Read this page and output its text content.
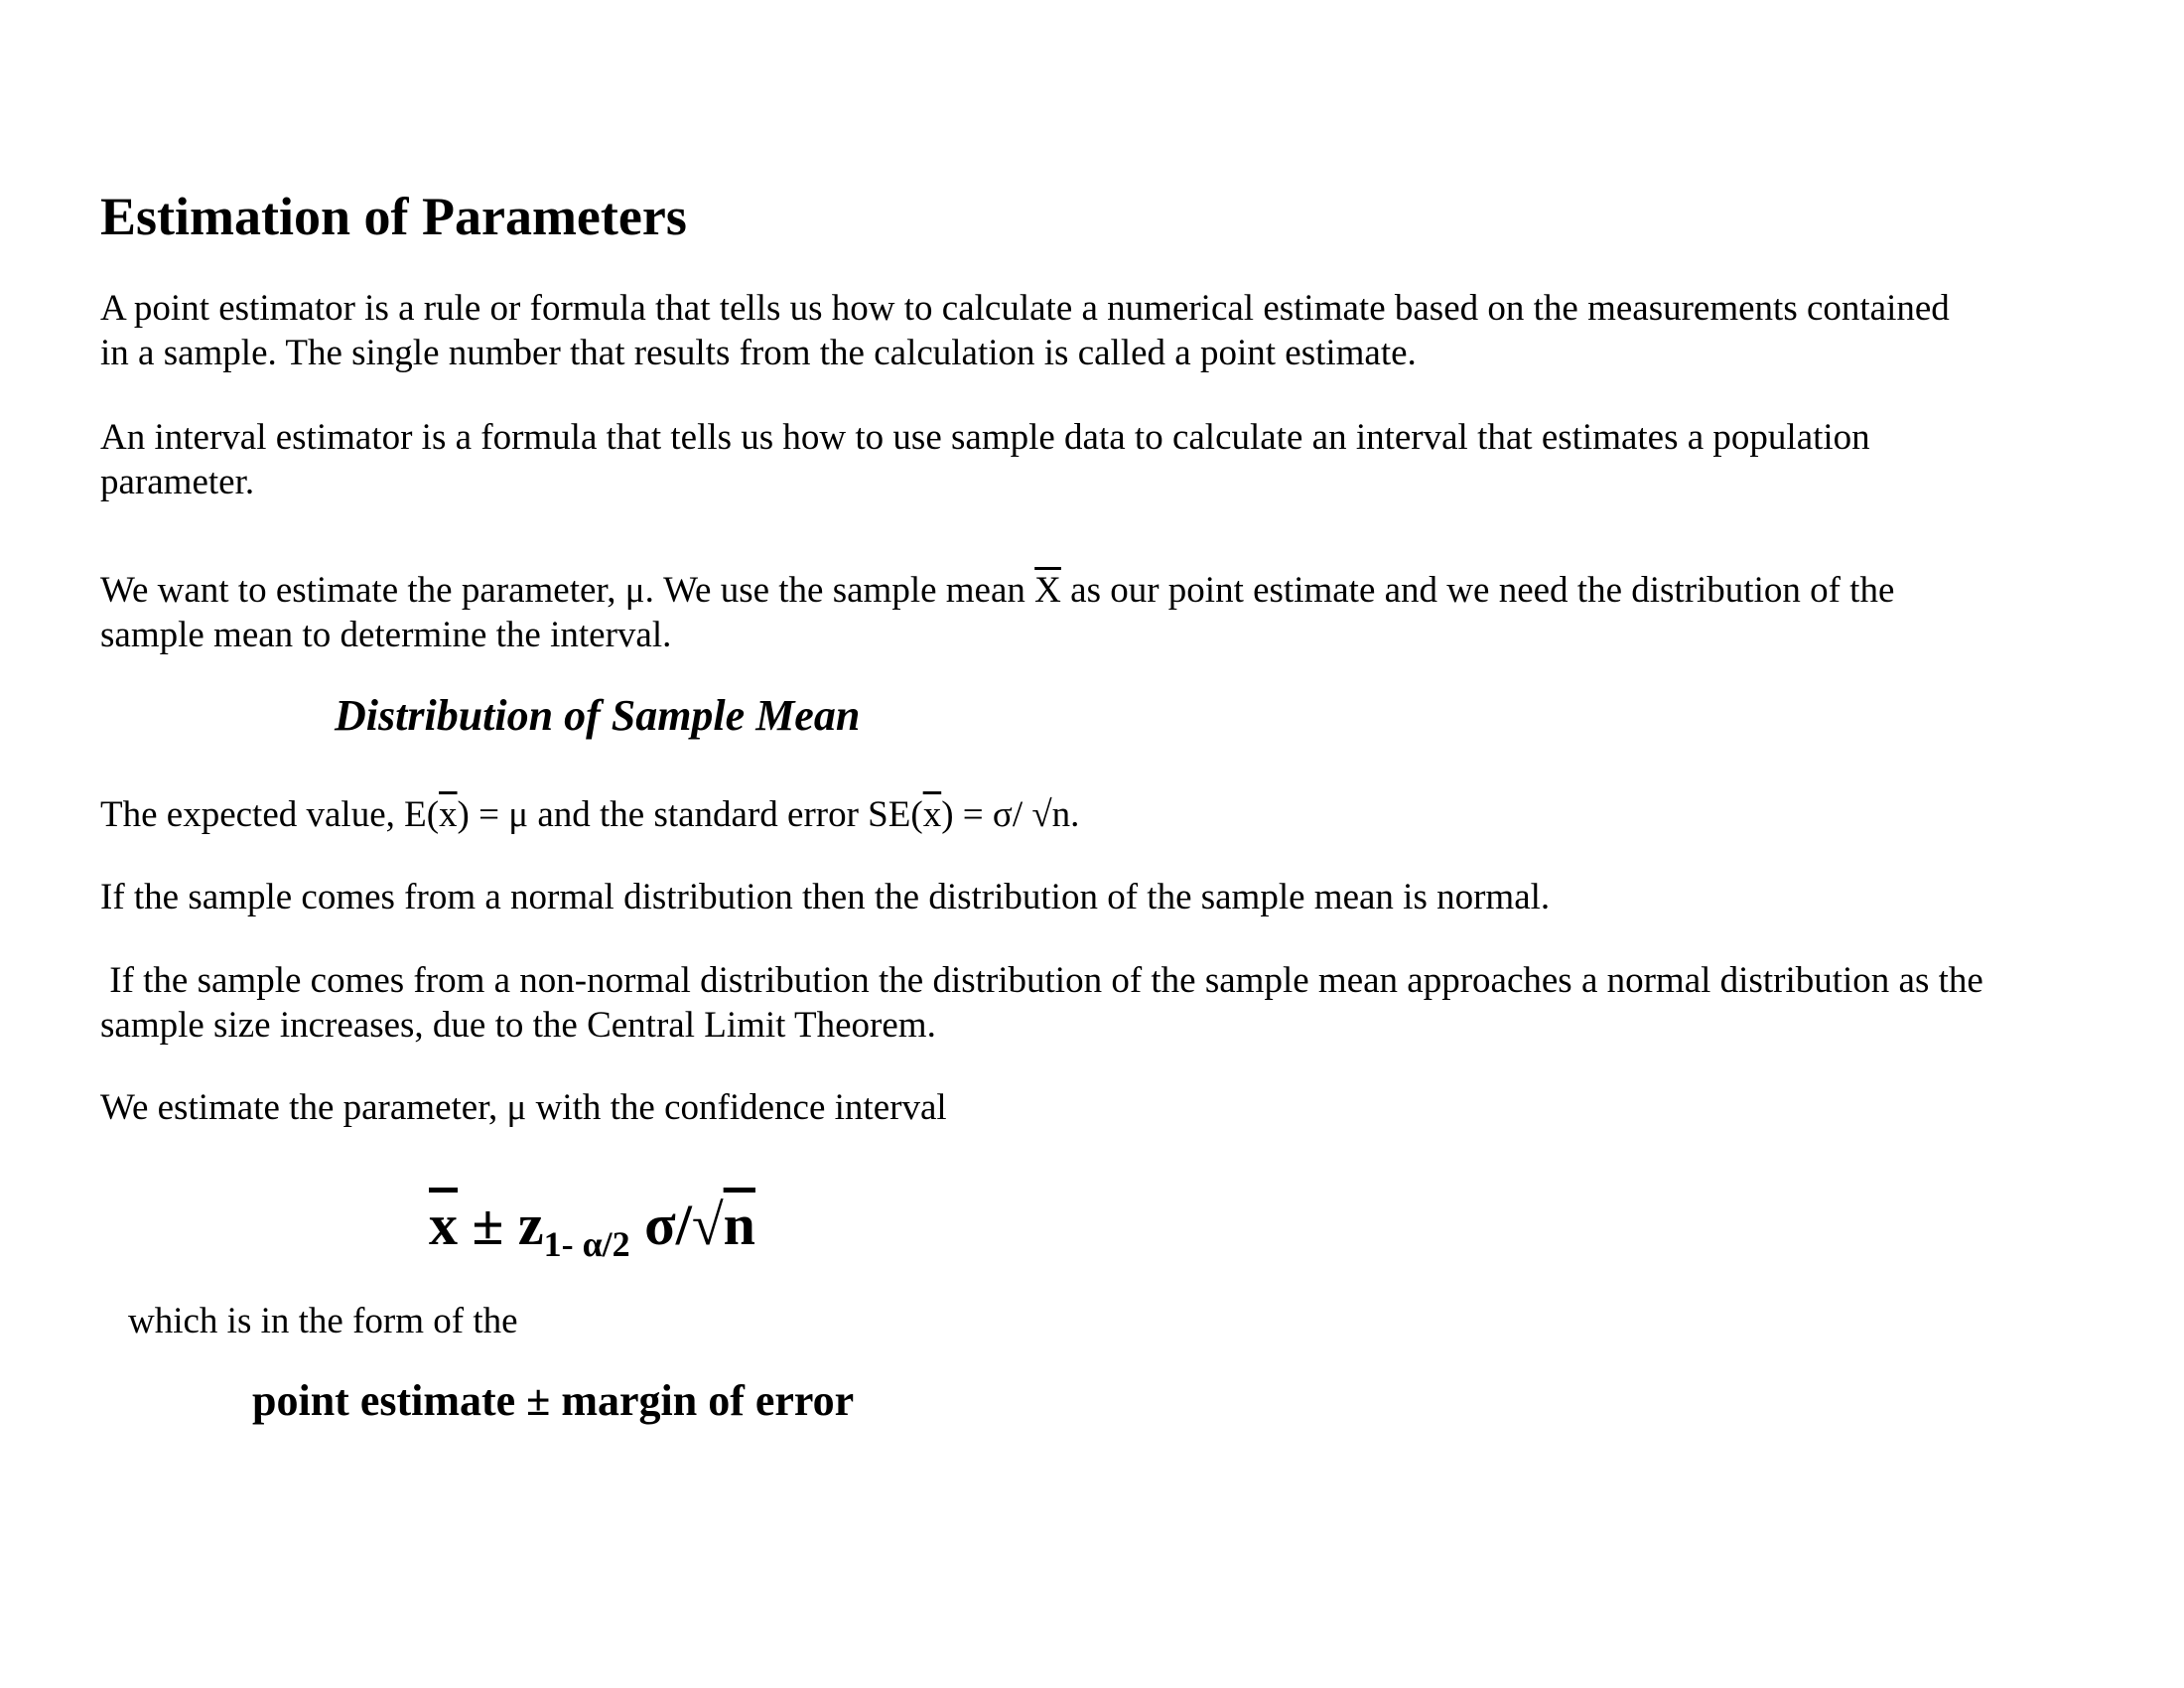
Estimation of Parameters
A point estimator is a rule or formula that tells us how to calculate a numerical estimate based on the measurements contained
in a sample. The single number that results from the calculation is called a point estimate.
An interval estimator is a formula that tells us how to use sample data to calculate an interval that estimates a population
parameter.
We want to estimate the parameter, μ. We use the sample mean $\overline{X}$ as our point estimate and we need the distribution of the
sample mean to determine the interval.
Distribution of Sample Mean
The expected value, $E(\overline{x}) = \mu$ and the standard error $SE(\overline{x}) = \sigma/$ √n.
If the sample comes from a normal distribution then the distribution of the sample mean is normal.
If the sample comes from a non-normal distribution the distribution of the sample mean approaches a normal distribution as the
sample size increases, due to the Central Limit Theorem.
We estimate the parameter, μ with the confidence interval
$\overline{x} \pm z_{1- \alpha/2}$ σ/√n
which is in the form of the
point estimate ± margin of error
